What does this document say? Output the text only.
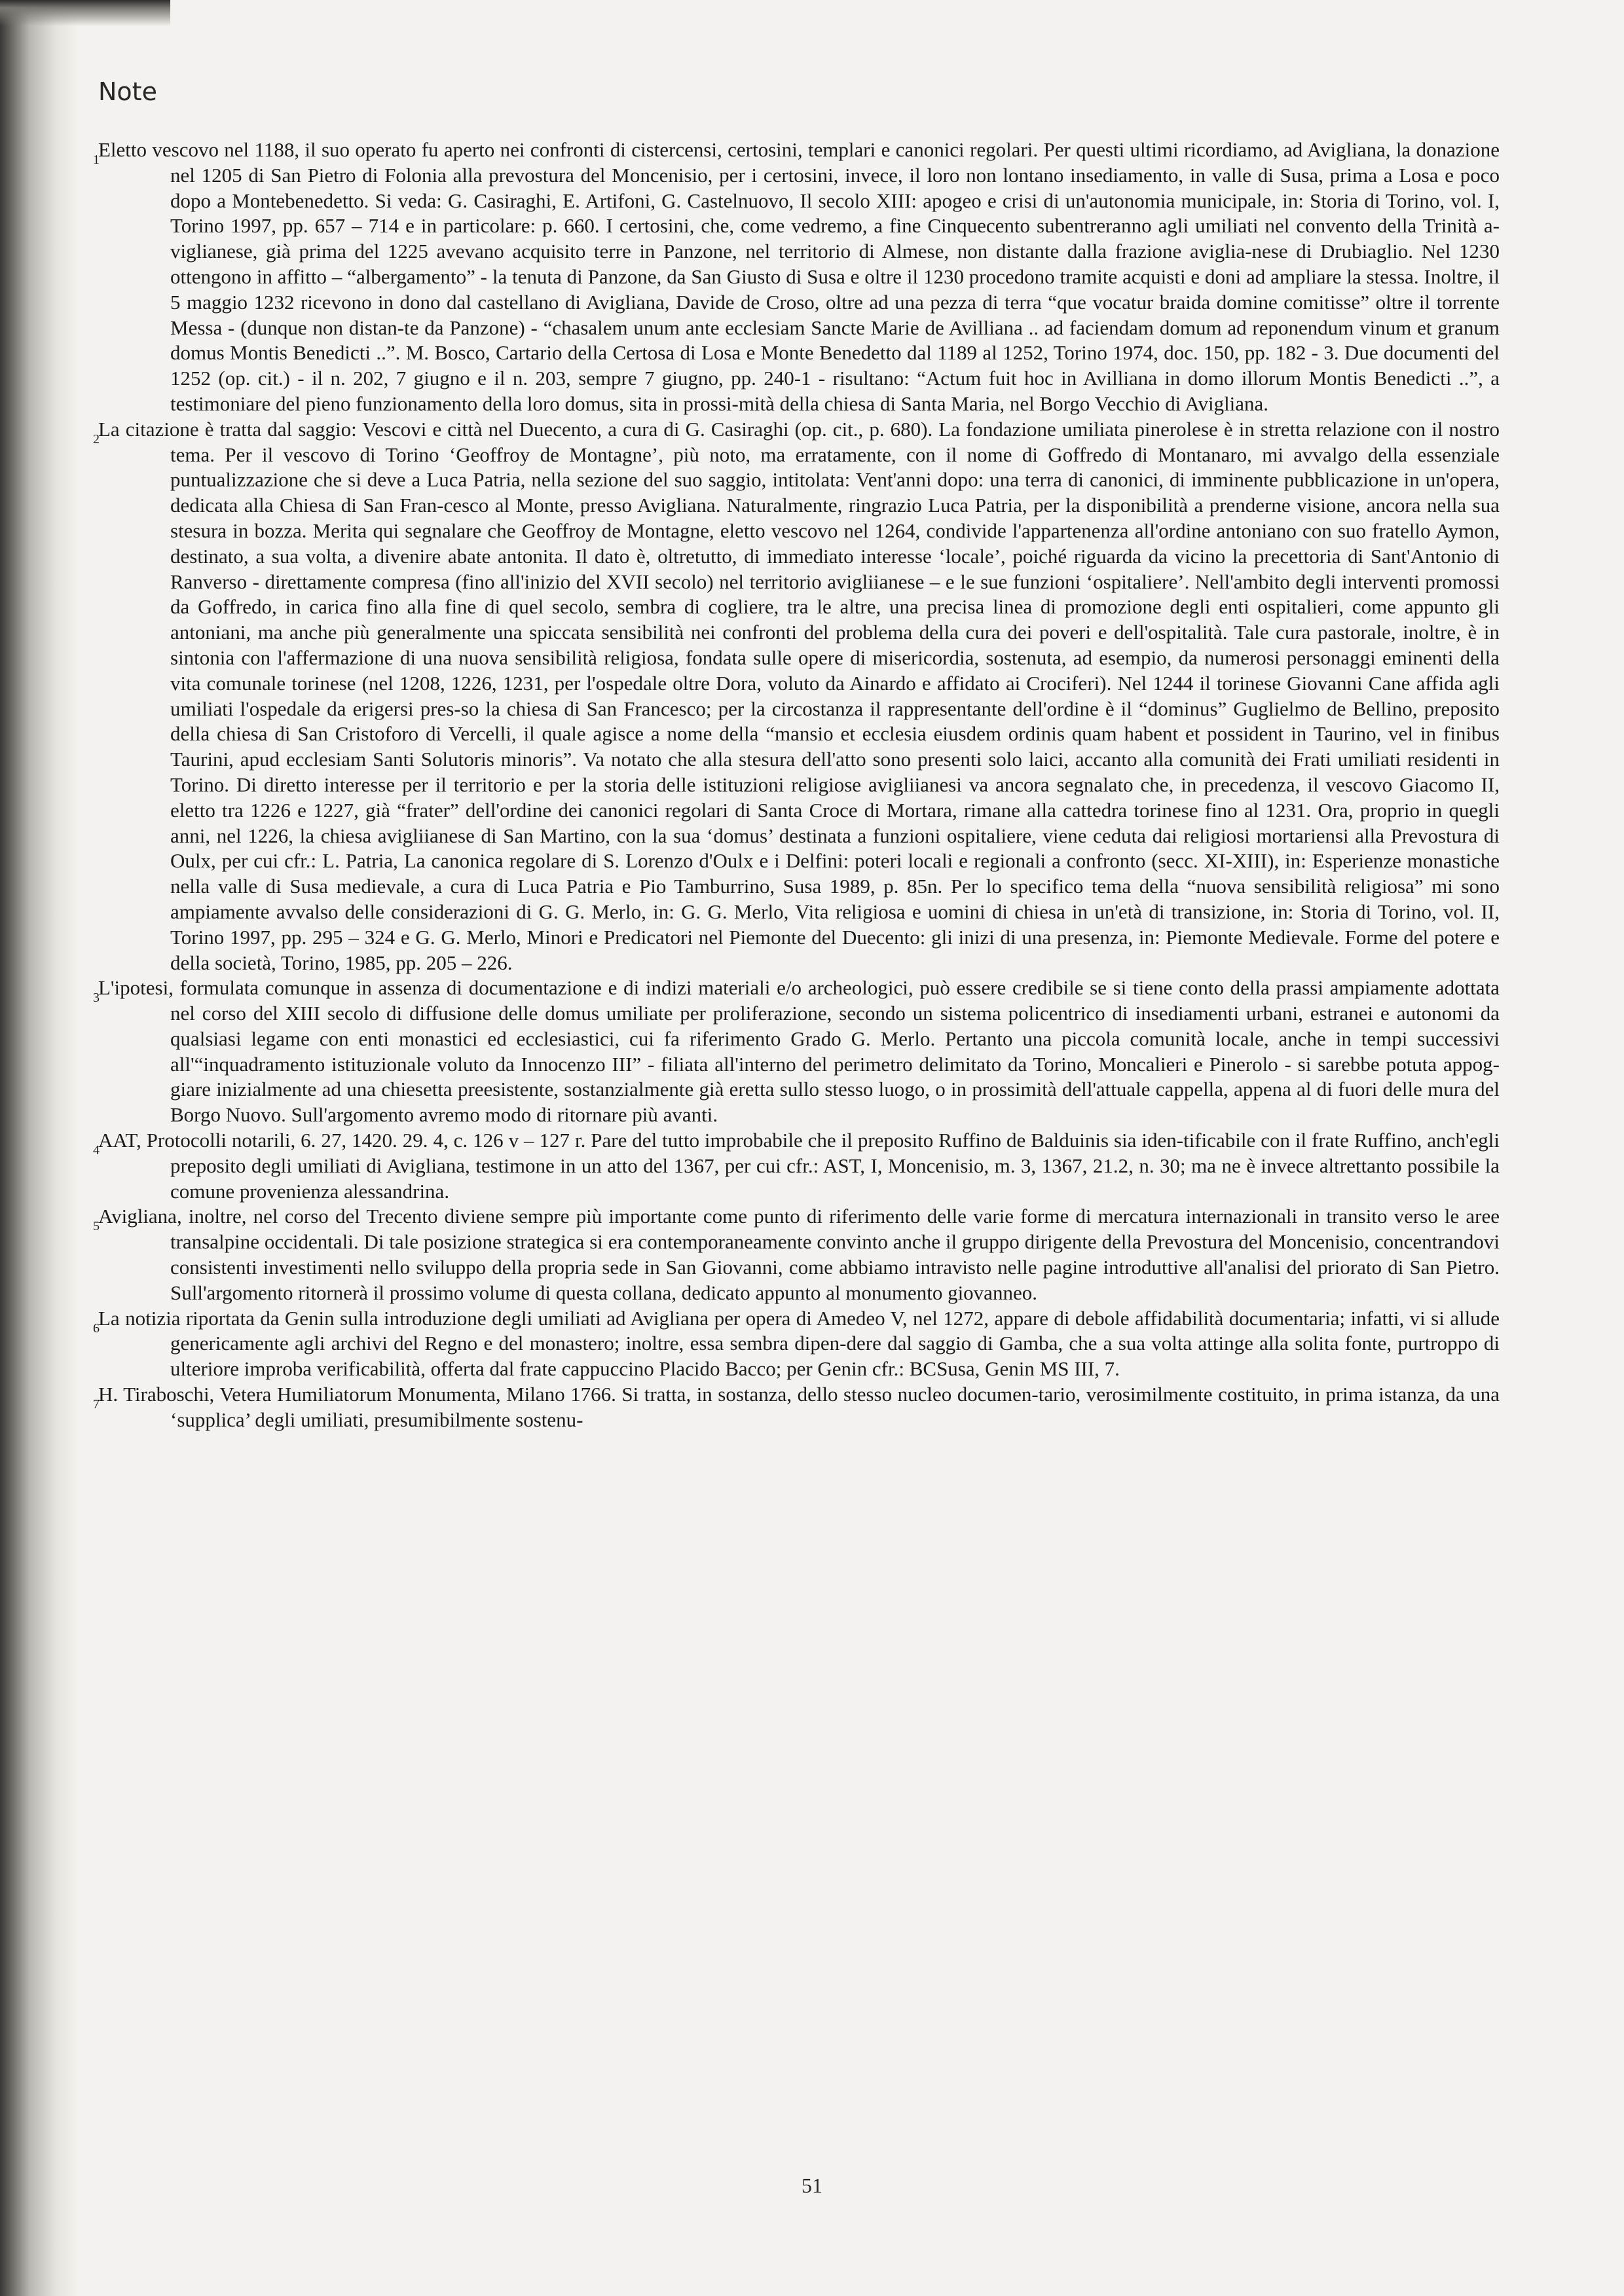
Note
1
Eletto vescovo nel 1188, il suo operato fu aperto nei confronti di cistercensi, certosini, templari e canonici regolari. Per questi ultimi ricordiamo, ad Avigliana, la donazione nel 1205 di San Pietro di Folonia alla prevostura del Moncenisio, per i certosini, invece, il loro non lontano insediamento, in valle di Susa, prima a Losa e poco dopo a Montebenedetto. Si veda: G. Casiraghi, E. Artifoni, G. Castelnuovo, Il secolo XIII: apogeo e crisi di un'autonomia municipale, in: Storia di Torino, vol. I, Torino 1997, pp. 657 – 714 e in particolare: p. 660. I certosini, che, come vedremo, a fine Cinquecento subentreranno agli umiliati nel convento della Trinità a-viglianese, già prima del 1225 avevano acquisito terre in Panzone, nel territorio di Almese, non distante dalla frazione aviglia-nese di Drubiaglio. Nel 1230 ottengono in affitto – “albergamento” - la tenuta di Panzone, da San Giusto di Susa e oltre il 1230 procedono tramite acquisti e doni ad ampliare la stessa. Inoltre, il 5 maggio 1232 ricevono in dono dal castellano di Avigliana, Davide de Croso, oltre ad una pezza di terra “que vocatur braida domine comitisse” oltre il torrente Messa - (dunque non distan-te da Panzone) - “chasalem unum ante ecclesiam Sancte Marie de Avilliana .. ad faciendam domum ad reponendum vinum et granum domus Montis Benedicti ..”. M. Bosco, Cartario della Certosa di Losa e Monte Benedetto dal 1189 al 1252, Torino 1974, doc. 150, pp. 182 - 3. Due documenti del 1252 (op. cit.) - il n. 202, 7 giugno e il n. 203, sempre 7 giugno, pp. 240-1 - risultano: “Actum fuit hoc in Avilliana in domo illorum Montis Benedicti ..”, a testimoniare del pieno funzionamento della loro domus, sita in prossi-mità della chiesa di Santa Maria, nel Borgo Vecchio di Avigliana.
2
La citazione è tratta dal saggio: Vescovi e città nel Duecento, a cura di G. Casiraghi (op. cit., p. 680). La fondazione umiliata pinerolese è in stretta relazione con il nostro tema. Per il vescovo di Torino ‘Geoffroy de Montagne’, più noto, ma erratamente, con il nome di Goffredo di Montanaro, mi avvalgo della essenziale puntualizzazione che si deve a Luca Patria, nella sezione del suo saggio, intitolata: Vent'anni dopo: una terra di canonici, di imminente pubblicazione in un'opera, dedicata alla Chiesa di San Fran-cesco al Monte, presso Avigliana. Naturalmente, ringrazio Luca Patria, per la disponibilità a prenderne visione, ancora nella sua stesura in bozza. Merita qui segnalare che Geoffroy de Montagne, eletto vescovo nel 1264, condivide l'appartenenza all'ordine antoniano con suo fratello Aymon, destinato, a sua volta, a divenire abate antonita. Il dato è, oltretutto, di immediato interesse ‘locale’, poiché riguarda da vicino la precettoria di Sant'Antonio di Ranverso - direttamente compresa (fino all'inizio del XVII secolo) nel territorio avigliianese – e le sue funzioni ‘ospitaliere’. Nell'ambito degli interventi promossi da Goffredo, in carica fino alla fine di quel secolo, sembra di cogliere, tra le altre, una precisa linea di promozione degli enti ospitalieri, come appunto gli antoniani, ma anche più generalmente una spiccata sensibilità nei confronti del problema della cura dei poveri e dell'ospitalità. Tale cura pastorale, inoltre, è in sintonia con l'affermazione di una nuova sensibilità religiosa, fondata sulle opere di misericordia, sostenuta, ad esempio, da numerosi personaggi eminenti della vita comunale torinese (nel 1208, 1226, 1231, per l'ospedale oltre Dora, voluto da Ainardo e affidato ai Crociferi). Nel 1244 il torinese Giovanni Cane affida agli umiliati l'ospedale da erigersi pres-so la chiesa di San Francesco; per la circostanza il rappresentante dell'ordine è il “dominus” Guglielmo de Bellino, preposito della chiesa di San Cristoforo di Vercelli, il quale agisce a nome della “mansio et ecclesia eiusdem ordinis quam habent et possident in Taurino, vel in finibus Taurini, apud ecclesiam Santi Solutoris minoris”. Va notato che alla stesura dell'atto sono presenti solo laici, accanto alla comunità dei Frati umiliati residenti in Torino. Di diretto interesse per il territorio e per la storia delle istituzioni religiose avigliianesi va ancora segnalato che, in precedenza, il vescovo Giacomo II, eletto tra 1226 e 1227, già “frater” dell'ordine dei canonici regolari di Santa Croce di Mortara, rimane alla cattedra torinese fino al 1231. Ora, proprio in quegli anni, nel 1226, la chiesa avigliianese di San Martino, con la sua ‘domus’ destinata a funzioni ospitaliere, viene ceduta dai religiosi mortariensi alla Prevostura di Oulx, per cui cfr.: L. Patria, La canonica regolare di S. Lorenzo d'Oulx e i Delfini: poteri locali e regionali a confronto (secc. XI-XIII), in: Esperienze monastiche nella valle di Susa medievale, a cura di Luca Patria e Pio Tamburrino, Susa 1989, p. 85n. Per lo specifico tema della “nuova sensibilità religiosa” mi sono ampiamente avvalso delle considerazioni di G. G. Merlo, in: G. G. Merlo, Vita religiosa e uomini di chiesa in un'età di transizione, in: Storia di Torino, vol. II, Torino 1997, pp. 295 – 324 e G. G. Merlo, Minori e Predicatori nel Piemonte del Duecento: gli inizi di una presenza, in: Piemonte Medievale. Forme del potere e della società, Torino, 1985, pp. 205 – 226.
3
L'ipotesi, formulata comunque in assenza di documentazione e di indizi materiali e/o archeologici, può essere credibile se si tiene conto della prassi ampiamente adottata nel corso del XIII secolo di diffusione delle domus umiliate per proliferazione, secondo un sistema policentrico di insediamenti urbani, estranei e autonomi da qualsiasi legame con enti monastici ed ecclesiastici, cui fa riferimento Grado G. Merlo. Pertanto una piccola comunità locale, anche in tempi successivi all'“inquadramento istituzionale voluto da Innocenzo III” - filiata all'interno del perimetro delimitato da Torino, Moncalieri e Pinerolo - si sarebbe potuta appog-giare inizialmente ad una chiesetta preesistente, sostanzialmente già eretta sullo stesso luogo, o in prossimità dell'attuale cappella, appena al di fuori delle mura del Borgo Nuovo. Sull'argomento avremo modo di ritornare più avanti.
4
AAT, Protocolli notarili, 6. 27, 1420. 29. 4, c. 126 v – 127 r. Pare del tutto improbabile che il preposito Ruffino de Balduinis sia iden-tificabile con il frate Ruffino, anch'egli preposito degli umiliati di Avigliana, testimone in un atto del 1367, per cui cfr.: AST, I, Moncenisio, m. 3, 1367, 21.2, n. 30; ma ne è invece altrettanto possibile la comune provenienza alessandrina.
5
Avigliana, inoltre, nel corso del Trecento diviene sempre più importante come punto di riferimento delle varie forme di mercatura internazionali in transito verso le aree transalpine occidentali. Di tale posizione strategica si era contemporaneamente convinto anche il gruppo dirigente della Prevostura del Moncenisio, concentrandovi consistenti investimenti nello sviluppo della propria sede in San Giovanni, come abbiamo intravisto nelle pagine introduttive all'analisi del priorato di San Pietro. Sull'argomento ritornerà il prossimo volume di questa collana, dedicato appunto al monumento giovanneo.
6
La notizia riportata da Genin sulla introduzione degli umiliati ad Avigliana per opera di Amedeo V, nel 1272, appare di debole affidabilità documentaria; infatti, vi si allude genericamente agli archivi del Regno e del monastero; inoltre, essa sembra dipen-dere dal saggio di Gamba, che a sua volta attinge alla solita fonte, purtroppo di ulteriore improba verificabilità, offerta dal frate cappuccino Placido Bacco; per Genin cfr.: BCSusa, Genin MS III, 7.
7
H. Tiraboschi, Vetera Humiliatorum Monumenta, Milano 1766. Si tratta, in sostanza, dello stesso nucleo documen-tario, verosimilmente costituito, in prima istanza, da una ‘supplica’ degli umiliati, presumibilmente sostenu-
51
